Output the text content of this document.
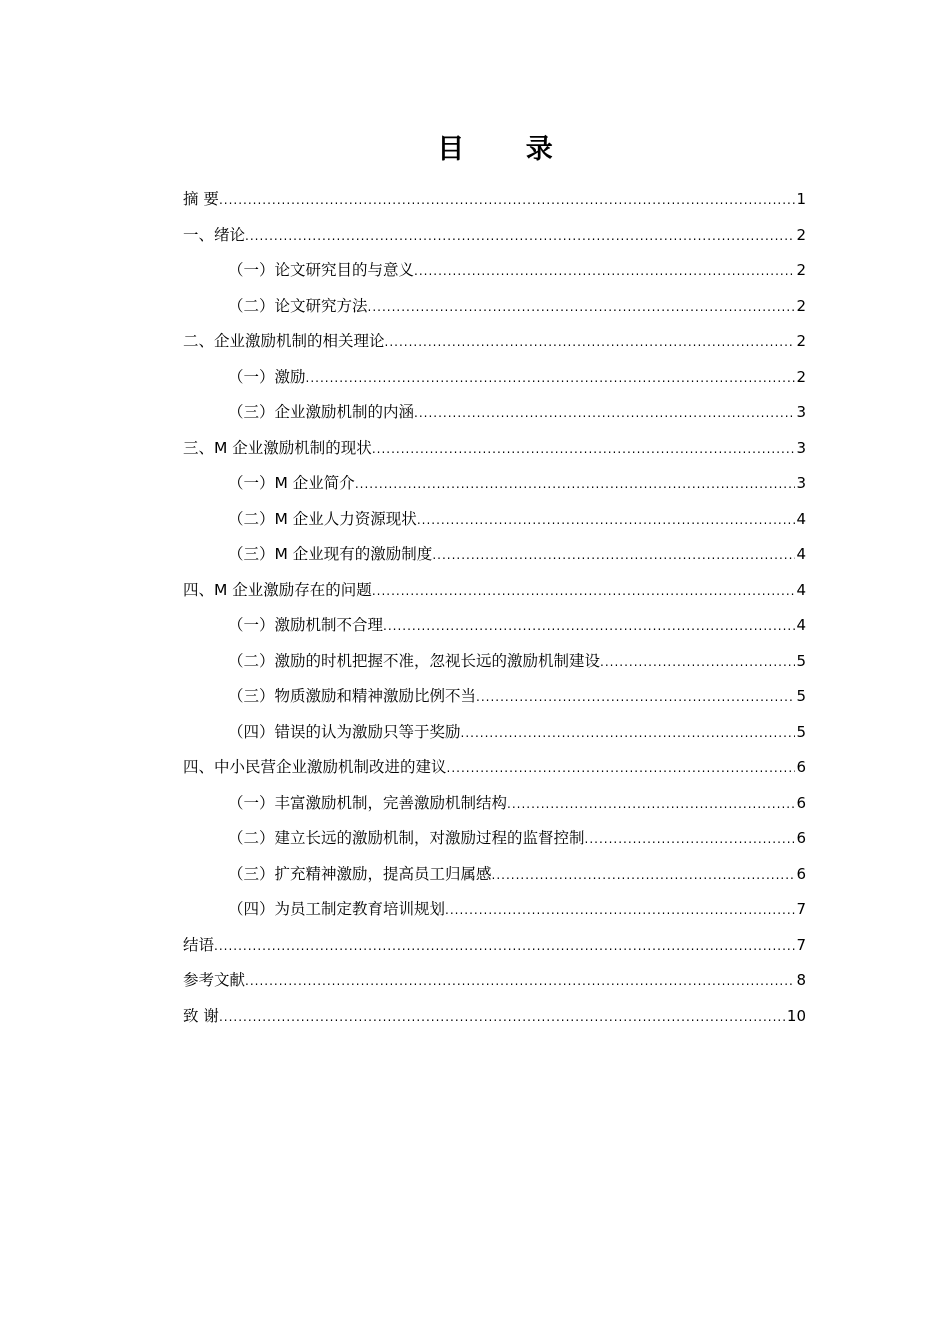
目 录
摘 要 .....	1
一、绪论 .....	2
（一）论文研究目的与意义 .....	2
（二）论文研究方法 .....	2
二、企业激励机制的相关理论 .....	2
（一）激励 .....	2
（三）企业激励机制的内涵 .....	3
三、M 企业激励机制的现状 .....	3
（一）M 企业简介 .....	3
（二）M 企业人力资源现状 .....	4
（三）M 企业现有的激励制度 .....	4
四、M 企业激励存在的问题 .....	4
（一）激励机制不合理 .....	4
（二）激励的时机把握不准，忽视长远的激励机制建设 .....	5
（三）物质激励和精神激励比例不当 .....	5
（四）错误的认为激励只等于奖励 .....	5
四、中小民营企业激励机制改进的建议 .....	6
（一）丰富激励机制，完善激励机制结构 .....	6
（二）建立长远的激励机制，对激励过程的监督控制 .....	6
（三）扩充精神激励，提高员工归属感 .....	6
（四）为员工制定教育培训规划 .....	7
结语 .....	7
参考文献 .....	8
致 谢 .....	10
